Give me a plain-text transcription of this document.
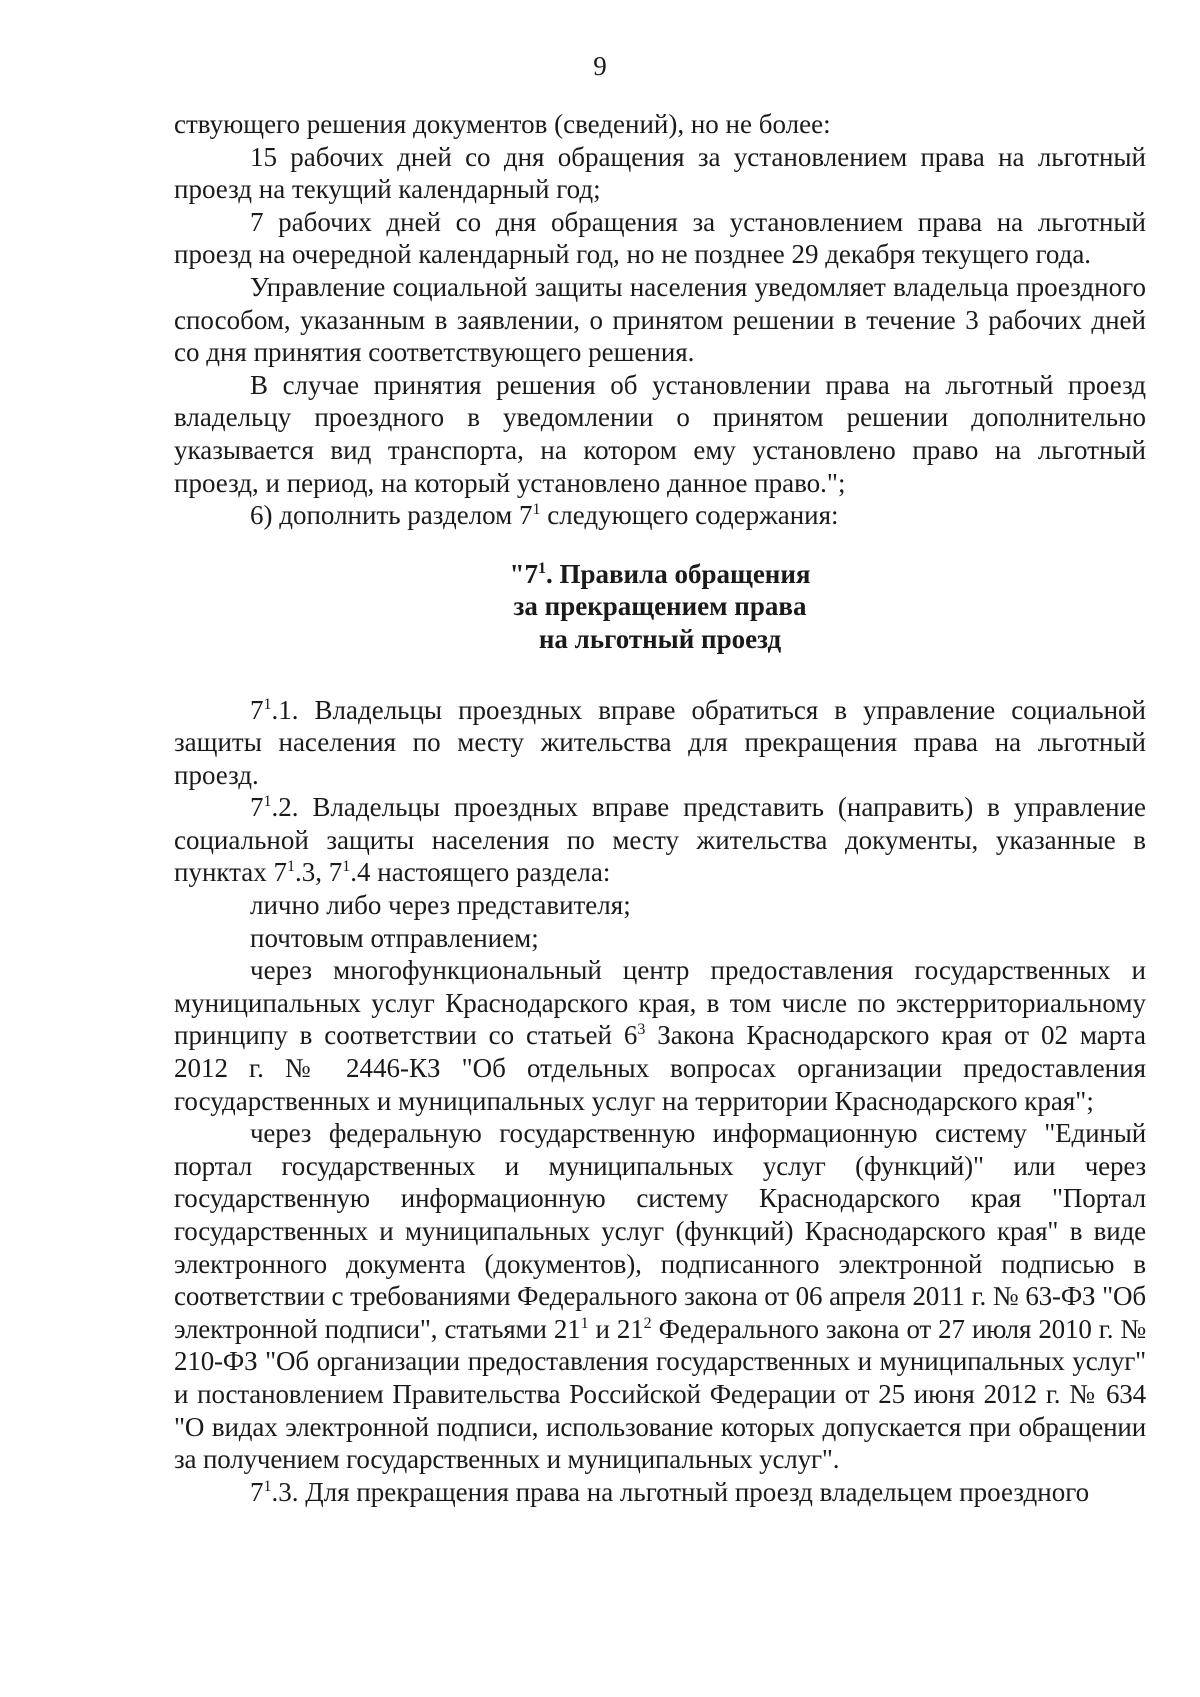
9

ствующего решения документов (сведений), но не более:

15 рабочих дней со дня обращения за установлением права на льготный проезд на текущий календарный год;

7 рабочих дней со дня обращения за установлением права на льготный проезд на очередной календарный год, но не позднее 29 декабря текущего года.

Управление социальной защиты населения уведомляет владельца проездного способом, указанным в заявлении, о принятом решении в течение 3 рабочих дней со дня принятия соответствующего решения.

В случае принятия решения об установлении права на льготный проезд владельцу проездного в уведомлении о принятом решении дополнительно указывается вид транспорта, на котором ему установлено право на льготный проезд, и период, на который установлено данное право.";

6) дополнить разделом $7^1$ следующего содержания:

"$7^1$. Правила обращения
за прекращением права
на льготный проезд

$7^1.1$. Владельцы проездных вправе обратиться в управление социальной защиты населения по месту жительства для прекращения права на льготный проезд.

$7^1.2$. Владельцы проездных вправе представить (направить) в управление социальной защиты населения по месту жительства документы, указанные в пунктах $7^1.3$, $7^1.4$ настоящего раздела:

лично либо через представителя;

почтовым отправлением;

через многофункциональный центр предоставления государственных и муниципальных услуг Краснодарского края, в том числе по экстерриториальному принципу в соответствии со статьей $6^3$ Закона Краснодарского края от 02 марта 2012 г. № 2446-КЗ "Об отдельных вопросах организации предоставления государственных и муниципальных услуг на территории Краснодарского края";

через федеральную государственную информационную систему "Единый портал государственных и муниципальных услуг (функций)" или через государственную информационную систему Краснодарского края "Портал государственных и муниципальных услуг (функций) Краснодарского края" в виде электронного документа (документов), подписанного электронной подписью в соответствии с требованиями Федерального закона от 06 апреля 2011 г. № 63-ФЗ "Об электронной подписи", статьями $21^1$ и $21^2$ Федерального закона от 27 июля 2010 г. № 210-ФЗ "Об организации предоставления государственных и муниципальных услуг" и постановлением Правительства Российской Федерации от 25 июня 2012 г. № 634 "О видах электронной подписи, использование которых допускается при обращении за получением государственных и муниципальных услуг".

$7^1.3$. Для прекращения права на льготный проезд владельцем проездного
